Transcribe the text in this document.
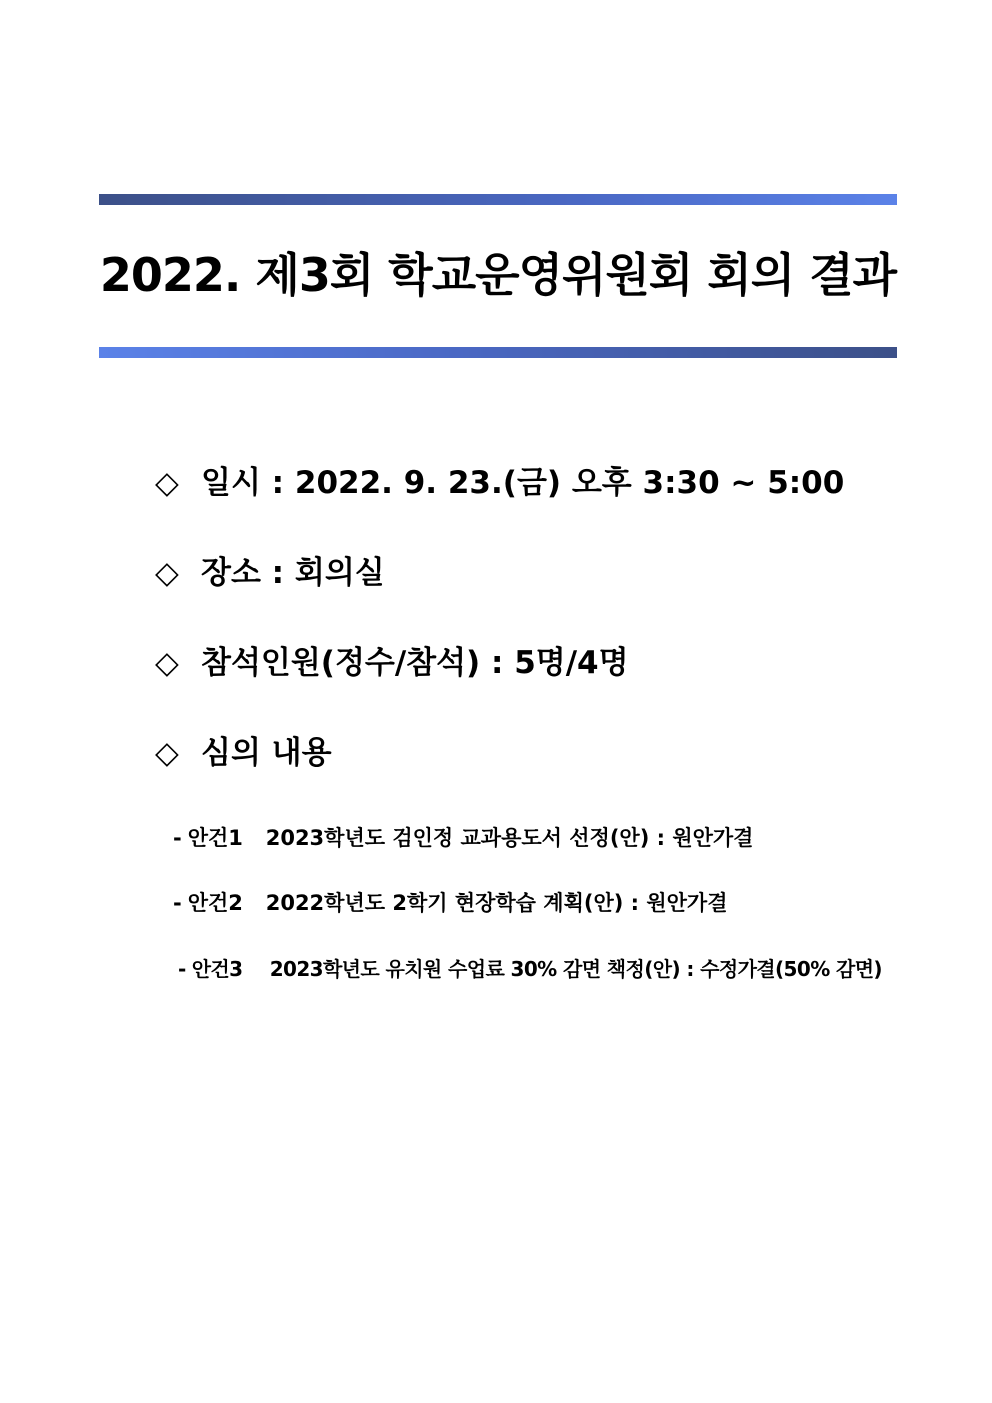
2022. 제3회 학교운영위원회 회의 결과
◇ 일시 : 2022. 9. 23.(금) 오후 3:30 ~ 5:00
◇ 장소 : 회의실
◇ 참석인원(정수/참석) : 5명/4명
◇ 심의 내용
- 안건1 2023학년도 검인정 교과용도서 선정(안) : 원안가결
- 안건2 2022학년도 2학기 현장학습 계획(안) : 원안가결
- 안건3 2023학년도 유치원 수업료 30% 감면 책정(안) : 수정가결(50% 감면)
